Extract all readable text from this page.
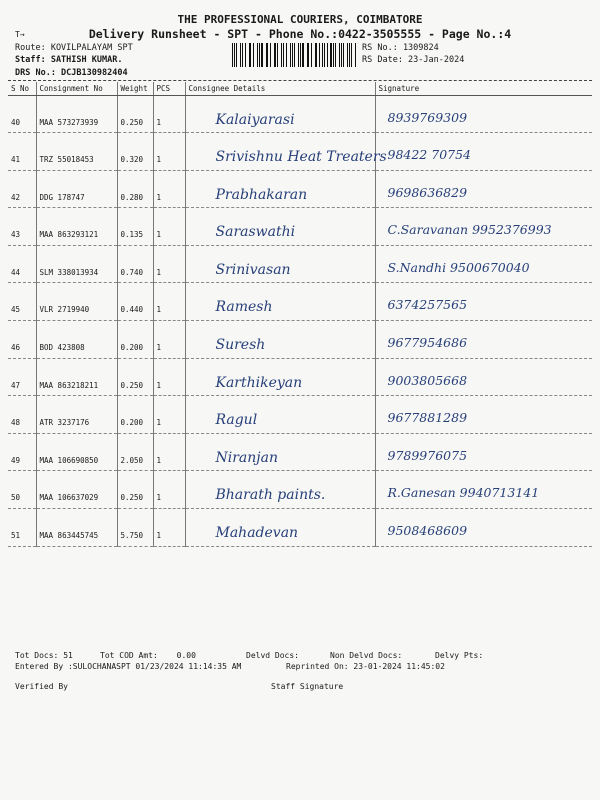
T→
THE PROFESSIONAL COURIERS, COIMBATORE
Delivery Runsheet - SPT - Phone No.:0422-3505555 - Page No.:4
Route: KOVILPALAYAM SPT
Staff: SATHISH KUMAR.
DRS No.: DCJB130982404
RS No.: 1309824
RS Date: 23-Jan-2024
S No	Consignment No	Weight	PCS	Consignee Details	Signature
40	MAA 573273939	0.250	1	Kalaiyarasi	8939769309

41	TRZ 55018453	0.320	1	Srivishnu Heat Treaters	98422 70754

42	DDG 178747	0.280	1	Prabhakaran	9698636829

43	MAA 863293121	0.135	1	Saraswathi	C.Saravanan 9952376993

44	SLM 338013934	0.740	1	Srinivasan	S.Nandhi 9500670040

45	VLR 2719940	0.440	1	Ramesh	6374257565

46	BOD 423808	0.200	1	Suresh	9677954686

47	MAA 863218211	0.250	1	Karthikeyan	9003805668

48	ATR 3237176	0.200	1	Ragul	9677881289

49	MAA 106690850	2.050	1	Niranjan	9789976075

50	MAA 106637029	0.250	1	Bharath paints.	R.Ganesan 9940713141

51	MAA 863445745	5.750	1	Mahadevan	9508468609
Tot Docs: 51	Tot COD Amt: 0.00	Delvd Docs:	Non Delvd Docs:	Delvy Pts:
Entered By :SULOCHANASPT 01/23/2024 11:14:35 AM	Reprinted On: 23-01-2024 11:45:02
Verified By	Staff Signature
